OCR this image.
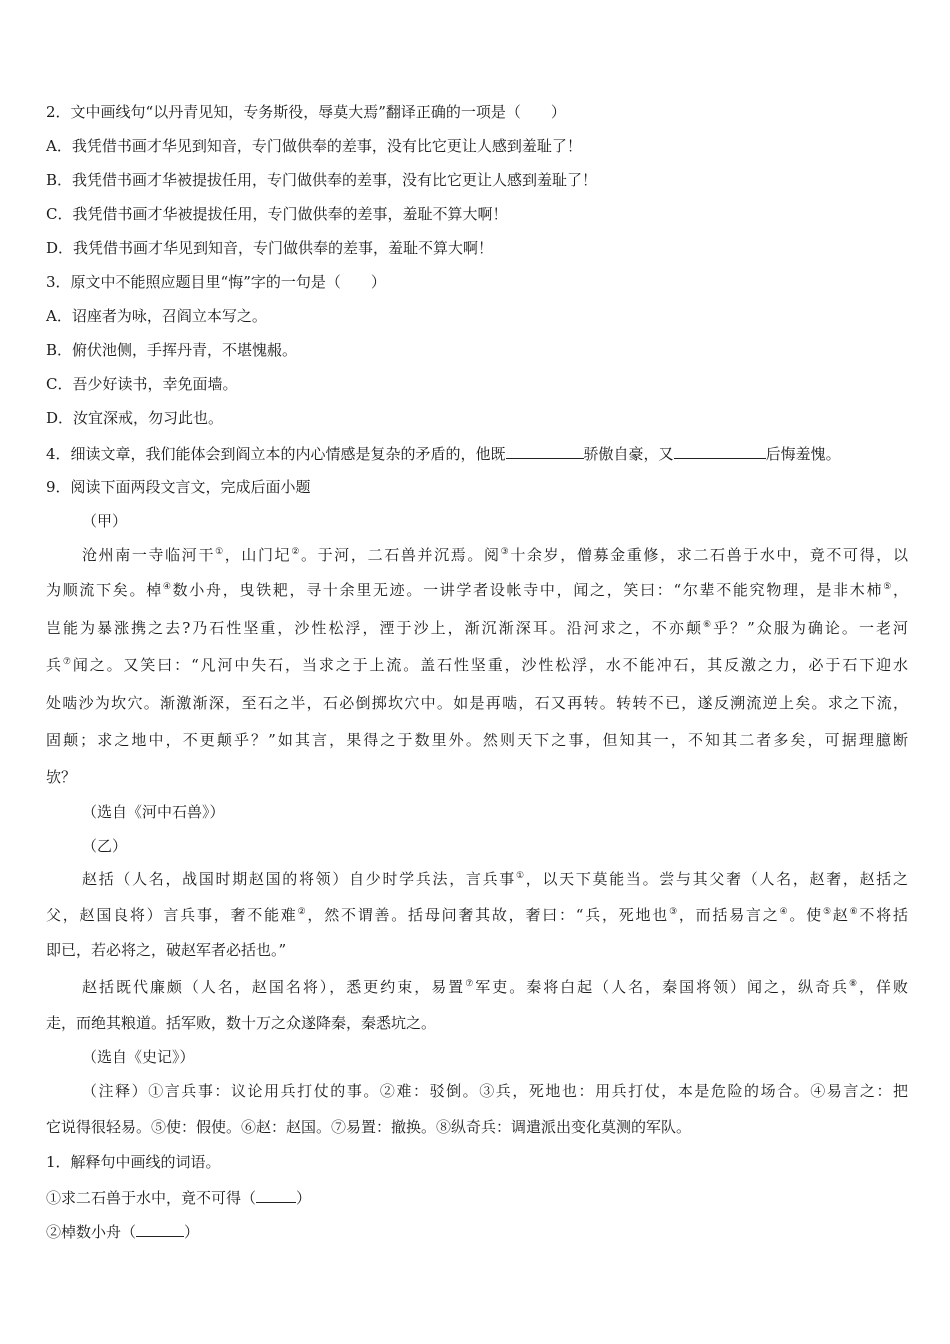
2．文中画线句“以丹青见知，专务斯役，辱莫大焉”翻译正确的一项是（　　）
A．我凭借书画才华见到知音，专门做供奉的差事，没有比它更让人感到羞耻了！
B．我凭借书画才华被提拔任用，专门做供奉的差事，没有比它更让人感到羞耻了！
C．我凭借书画才华被提拔任用，专门做供奉的差事，羞耻不算大啊！
D．我凭借书画才华见到知音，专门做供奉的差事，羞耻不算大啊！
3．原文中不能照应题目里“悔”字的一句是（　　）
A．诏座者为咏，召阎立本写之。
B．俯伏池侧，手挥丹青，不堪愧赧。
C．吾少好读书，幸免面墙。
D．汝宜深戒，勿习此也。
4．细读文章，我们能体会到阎立本的内心情感是复杂的矛盾的，他既	骄傲自豪，又	后悔羞愧。
9．阅读下面两段文言文，完成后面小题
（甲）
沧州南一寺临河干①，山门圮②。于河，二石兽并沉焉。阅③十余岁，僧募金重修，求二石兽于水中，竟不可得，以
为顺流下矣。棹④数小舟，曳铁耙，寻十余里无迹。一讲学者设帐寺中，闻之，笑曰：“尔辈不能究物理，是非木柿⑤，
岂能为暴涨携之去?乃石性坚重，沙性松浮，湮于沙上，渐沉渐深耳。沿河求之，不亦颠⑥乎？”众服为确论。一老河
兵⑦闻之。又笑曰：“凡河中失石，当求之于上流。盖石性坚重，沙性松浮，水不能冲石，其反激之力，必于石下迎水
处啮沙为坎穴。渐激渐深，至石之半，石必倒掷坎穴中。如是再啮，石又再转。转转不已，遂反溯流逆上矣。求之下流，
固颠；求之地中，不更颠乎？”如其言，果得之于数里外。然则天下之事，但知其一，不知其二者多矣，可据理臆断
欤？
（选自《河中石兽》）
（乙）
赵括（人名，战国时期赵国的将领）自少时学兵法，言兵事①，以天下莫能当。尝与其父奢（人名，赵奢，赵括之
父，赵国良将）言兵事，奢不能难②，然不谓善。括母问奢其故，奢曰：“兵，死地也③，而括易言之④。使⑤赵⑥不将括
即已，若必将之，破赵军者必括也。”
赵括既代廉颇（人名，赵国名将），悉更约束，易置⑦军吏。秦将白起（人名，秦国将领）闻之，纵奇兵⑧，佯败
走，而绝其粮道。括军败，数十万之众遂降秦，秦悉坑之。
（选自《史记》）
（注释）①言兵事：议论用兵打仗的事。②难：驳倒。③兵，死地也：用兵打仗，本是危险的场合。④易言之：把
它说得很轻易。⑤使：假使。⑥赵：赵国。⑦易置：撤换。⑧纵奇兵：调遣派出变化莫测的军队。
1．解释句中画线的词语。
①求二石兽于水中，竟不可得（	）
②棹数小舟（	）
